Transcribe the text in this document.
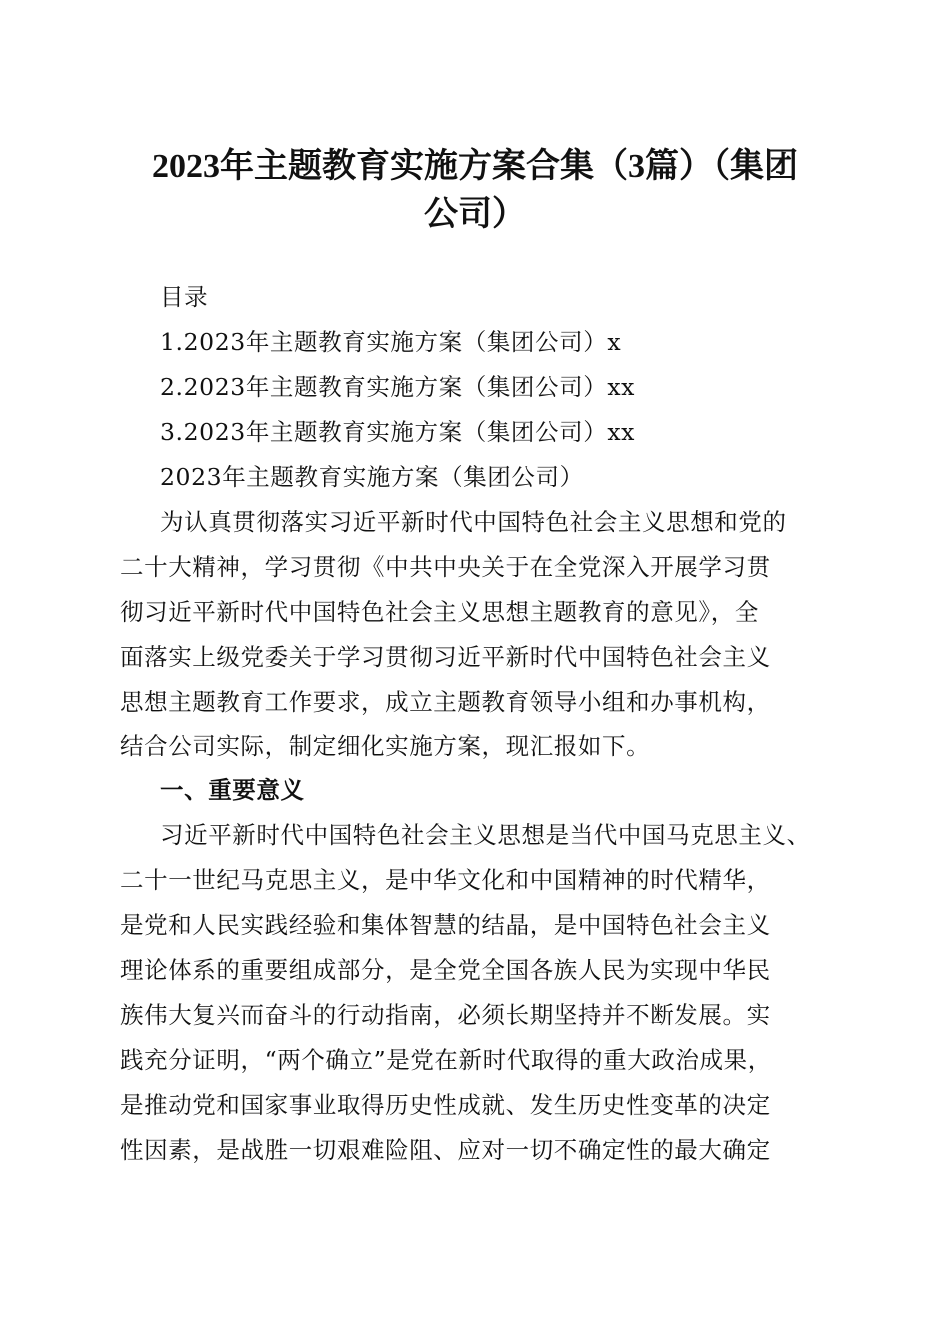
2023年主题教育实施方案合集（3篇）（集团
公司）
目录
1.2023年主题教育实施方案（集团公司）x
2.2023年主题教育实施方案（集团公司）xx
3.2023年主题教育实施方案（集团公司）xx
2023年主题教育实施方案（集团公司）
为认真贯彻落实习近平新时代中国特色社会主义思想和党的
二十大精神，学习贯彻《中共中央关于在全党深入开展学习贯
彻习近平新时代中国特色社会主义思想主题教育的意见》，全
面落实上级党委关于学习贯彻习近平新时代中国特色社会主义
思想主题教育工作要求，成立主题教育领导小组和办事机构，
结合公司实际，制定细化实施方案，现汇报如下。
一、重要意义
习近平新时代中国特色社会主义思想是当代中国马克思主义、
二十一世纪马克思主义，是中华文化和中国精神的时代精华，
是党和人民实践经验和集体智慧的结晶，是中国特色社会主义
理论体系的重要组成部分，是全党全国各族人民为实现中华民
族伟大复兴而奋斗的行动指南，必须长期坚持并不断发展。实
践充分证明，“两个确立”是党在新时代取得的重大政治成果，
是推动党和国家事业取得历史性成就、发生历史性变革的决定
性因素，是战胜一切艰难险阻、应对一切不确定性的最大确定
